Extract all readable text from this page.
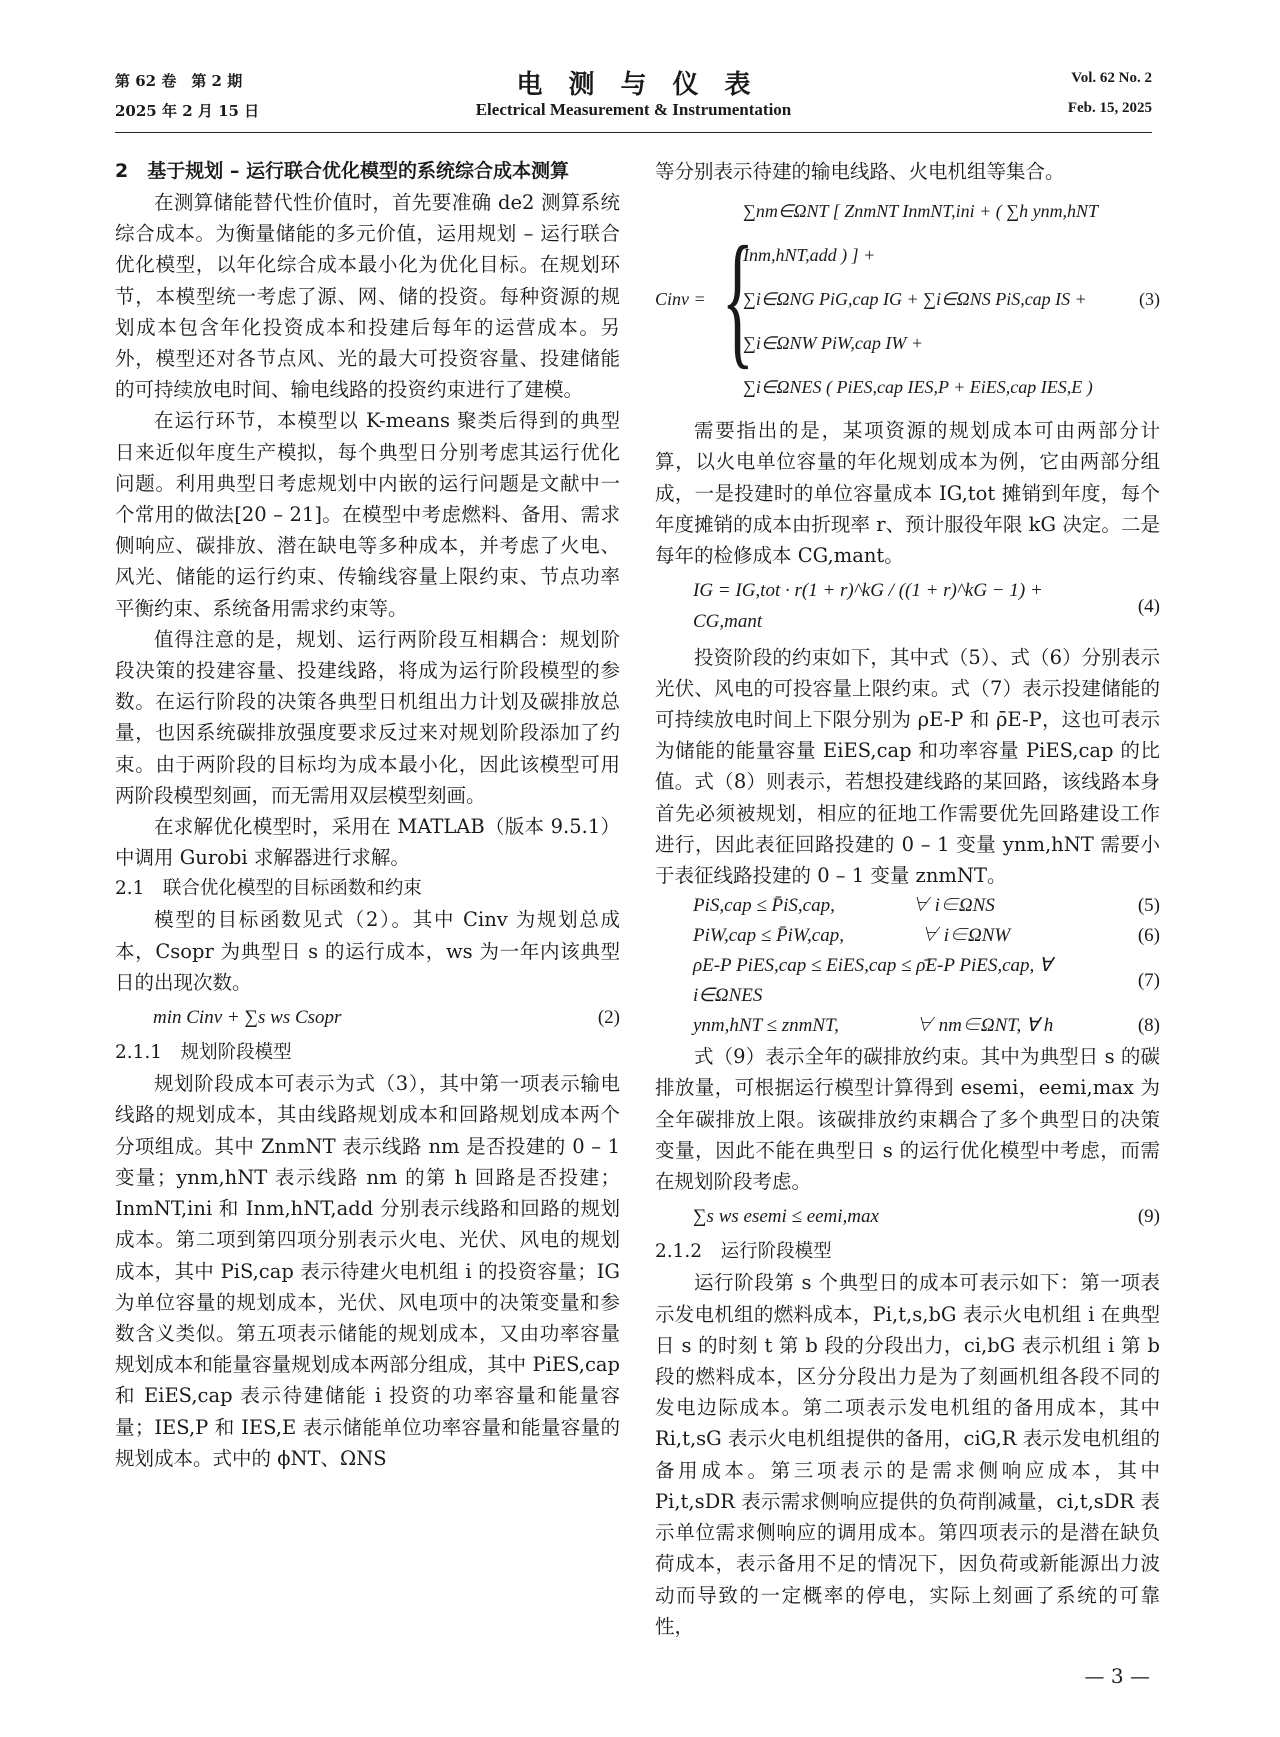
第 62 卷　第 2 期
2025 年 2 月 15 日
电　测　与　仪　表
Electrical Measurement & Instrumentation
Vol. 62 No. 2
Feb. 15, 2025
2　基于规划 – 运行联合优化模型的系统综合成本测算

在测算储能替代性价值时，首先要准确 de2 测算系统综合成本。为衡量储能的多元价值，运用规划 – 运行联合优化模型，以年化综合成本最小化为优化目标。在规划环节，本模型统一考虑了源、网、储的投资。每种资源的规划成本包含年化投资成本和投建后每年的运营成本。另外，模型还对各节点风、光的最大可投资容量、投建储能的可持续放电时间、输电线路的投资约束进行了建模。

在运行环节，本模型以 K-means 聚类后得到的典型日来近似年度生产模拟，每个典型日分别考虑其运行优化问题。利用典型日考虑规划中内嵌的运行问题是文献中一个常用的做法[20 – 21]。在模型中考虑燃料、备用、需求侧响应、碳排放、潜在缺电等多种成本，并考虑了火电、风光、储能的运行约束、传输线容量上限约束、节点功率平衡约束、系统备用需求约束等。

值得注意的是，规划、运行两阶段互相耦合：规划阶段决策的投建容量、投建线路，将成为运行阶段模型的参数。在运行阶段的决策各典型日机组出力计划及碳排放总量，也因系统碳排放强度要求反过来对规划阶段添加了约束。由于两阶段的目标均为成本最小化，因此该模型可用两阶段模型刻画，而无需用双层模型刻画。

在求解优化模型时，采用在 MATLAB（版本 9.5.1）中调用 Gurobi 求解器进行求解。

2.1　联合优化模型的目标函数和约束

模型的目标函数见式（2）。其中 Cinv 为规划总成本，Csopr 为典型日 s 的运行成本，ws 为一年内该典型日的出现次数。

min Cinv + ∑s ws Csopr	(2)
2.1.1　规划阶段模型

规划阶段成本可表示为式（3），其中第一项表示输电线路的规划成本，其由线路规划成本和回路规划成本两个分项组成。其中 ZnmNT 表示线路 nm 是否投建的 0 – 1 变量；ynm,hNT 表示线路 nm 的第 h 回路是否投建；InmNT,ini 和 Inm,hNT,add 分别表示线路和回路的规划成本。第二项到第四项分别表示火电、光伏、风电的规划成本，其中 PiS,cap 表示待建火电机组 i 的投资容量；IG 为单位容量的规划成本，光伏、风电项中的决策变量和参数含义类似。第五项表示储能的规划成本，又由功率容量规划成本和能量容量规划成本两部分组成，其中 PiES,cap 和 EiES,cap 表示待建储能 i 投资的功率容量和能量容量；IES,P 和 IES,E 表示储能单位功率容量和能量容量的规划成本。式中的 ϕNT、ΩNS

等分别表示待建的输电线路、火电机组等集合。

Cinv = {
∑nm∈ΩNT [ ZnmNT InmNT,ini + ( ∑h ynm,hNT Inm,hNT,add ) ] +
∑i∈ΩNG PiG,cap IG + ∑i∈ΩNS PiS,cap IS + ∑i∈ΩNW PiW,cap IW +
∑i∈ΩNES ( PiES,cap IES,P + EiES,cap IES,E )
(3)

需要指出的是，某项资源的规划成本可由两部分计算，以火电单位容量的年化规划成本为例，它由两部分组成，一是投建时的单位容量成本 IG,tot 摊销到年度，每个年度摊销的成本由折现率 r、预计服役年限 kG 决定。二是每年的检修成本 CG,mant。

IG = IG,tot · r(1 + r)^kG / ((1 + r)^kG − 1) + CG,mant
(4)

投资阶段的约束如下，其中式（5）、式（6）分别表示光伏、风电的可投容量上限约束。式（7）表示投建储能的可持续放电时间上下限分别为 ρE-P 和 ρ̄E-P，这也可表示为储能的能量容量 EiES,cap 和功率容量 PiES,cap 的比值。式（8）则表示，若想投建线路的某回路，该线路本身首先必须被规划，相应的征地工作需要优先回路建设工作进行，因此表征回路投建的 0 – 1 变量 ynm,hNT 需要小于表征线路投建的 0 – 1 变量 znmNT。

PiS,cap ≤ P̄iS,cap,　　　　∀ i∈ΩNS	(5)
PiW,cap ≤ P̄iW,cap,　　　　∀ i∈ΩNW	(6)
ρE-P PiES,cap ≤ EiES,cap ≤ ρ̄E-P PiES,cap, ∀ i∈ΩNES
(7)
ynm,hNT ≤ znmNT,　　　　∀ nm∈ΩNT, ∀ h	(8)

式（9）表示全年的碳排放约束。其中为典型日 s 的碳排放量，可根据运行模型计算得到 esemi，eemi,max 为全年碳排放上限。该碳排放约束耦合了多个典型日的决策变量，因此不能在典型日 s 的运行优化模型中考虑，而需在规划阶段考虑。

∑s ws esemi ≤ eemi,max	(9)
2.1.2　运行阶段模型

运行阶段第 s 个典型日的成本可表示如下：第一项表示发电机组的燃料成本，Pi,t,s,bG 表示火电机组 i 在典型日 s 的时刻 t 第 b 段的分段出力，ci,bG 表示机组 i 第 b 段的燃料成本，区分分段出力是为了刻画机组各段不同的发电边际成本。第二项表示发电机组的备用成本，其中 Ri,t,sG 表示火电机组提供的备用，ciG,R 表示发电机组的备用成本。第三项表示的是需求侧响应成本，其中 Pi,t,sDR 表示需求侧响应提供的负荷削减量，ci,t,sDR 表示单位需求侧响应的调用成本。第四项表示的是潜在缺负荷成本，表示备用不足的情况下，因负荷或新能源出力波动而导致的一定概率的停电，实际上刻画了系统的可靠性，

— 3 —
